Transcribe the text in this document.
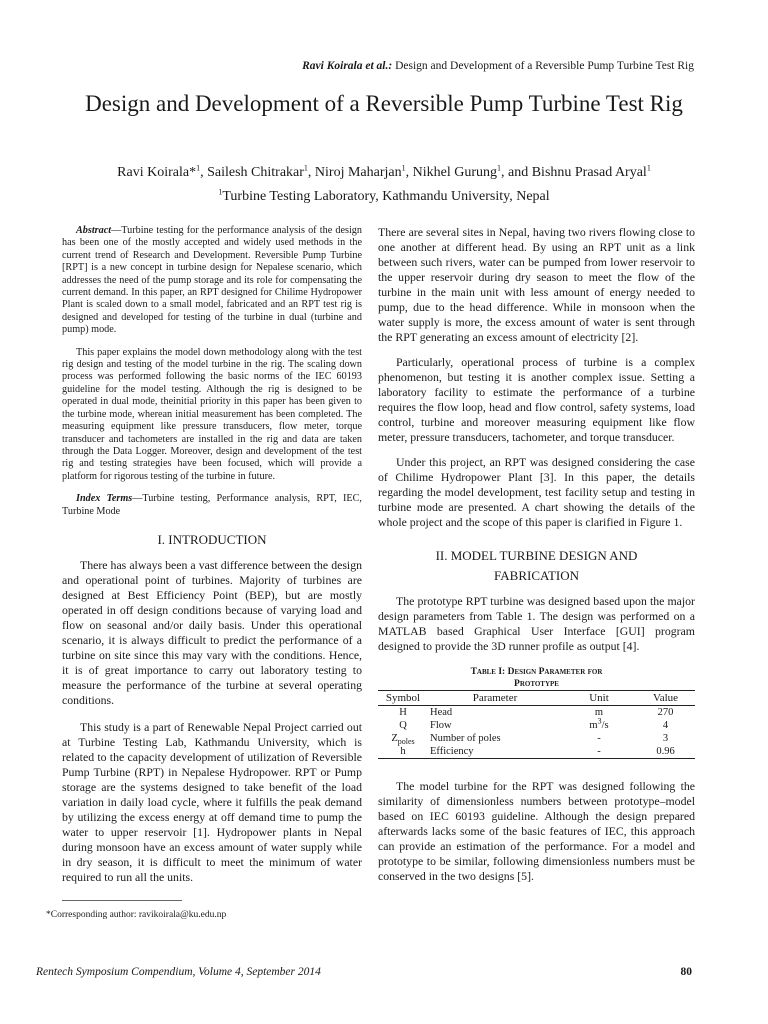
Ravi Koirala et al.: Design and Development of a Reversible Pump Turbine Test Rig
Design and Development of a Reversible Pump Turbine Test Rig
Ravi Koirala*$^1$, Sailesh Chitrakar$^1$, Niroj Maharjan$^1$, Nikhel Gurung$^1$, and Bishnu Prasad Aryal$^1$
$^1$Turbine Testing Laboratory, Kathmandu University, Nepal

Abstract—Turbine testing for the performance analysis of the design has been one of the mostly accepted and widely used methods in the current trend of Research and Development. Reversible Pump Turbine [RPT] is a new concept in turbine design for Nepalese scenario, which addresses the need of the pump storage and its role for compensating the current demand. In this paper, an RPT designed for Chilime Hydropower Plant is scaled down to a small model, fabricated and an RPT test rig is designed and developed for testing of the turbine in dual (turbine and pump) mode.

This paper explains the model down methodology along with the test rig design and testing of the model turbine in the rig. The scaling down process was performed following the basic norms of the IEC 60193 guideline for the model testing. Although the rig is designed to be operated in dual mode, theinitial priority in this paper has been given to the turbine mode, wherean initial measurement has been completed. The measuring equipment like pressure transducers, flow meter, torque transducer and tachometers are installed in the rig and data are taken through the Data Logger. Moreover, design and development of the test rig and testing strategies have been focused, which will provide a platform for rigorous testing of the turbine in future.

Index Terms—Turbine testing, Performance analysis, RPT, IEC, Turbine Mode

I. INTRODUCTION

There has always been a vast difference between the design and operational point of turbines. Majority of turbines are designed at Best Efficiency Point (BEP), but are mostly operated in off design conditions because of varying load and flow on seasonal and/or daily basis. Under this operational scenario, it is always difficult to predict the performance of a turbine on site since this may vary with the conditions. Hence, it is of great importance to carry out laboratory testing to measure the performance of the turbine at several operating conditions.

This study is a part of Renewable Nepal Project carried out at Turbine Testing Lab, Kathmandu University, which is related to the capacity development of utilization of Reversible Pump Turbine (RPT) in Nepalese Hydropower. RPT or Pump storage are the systems designed to take benefit of the load variation in daily load cycle, where it fulfills the peak demand by utilizing the excess energy at off demand time to pump the water to upper reservoir [1]. Hydropower plants in Nepal during monsoon have an excess amount of water supply while in dry season, it is difficult to meet the minimum of water required to run all the units.

There are several sites in Nepal, having two rivers flowing close to one another at different head. By using an RPT unit as a link between such rivers, water can be pumped from lower reservoir to the upper reservoir during dry season to meet the flow of the turbine in the main unit with less amount of energy needed to pump, due to the head difference. While in monsoon when the water supply is more, the excess amount of water is sent through the RPT generating an excess amount of electricity [2].

Particularly, operational process of turbine is a complex phenomenon, but testing it is another complex issue. Setting a laboratory facility to estimate the performance of a turbine requires the flow loop, head and flow control, safety systems, load control, turbine and moreover measuring equipment like flow meter, pressure transducers, tachometer, and torque transducer.

Under this project, an RPT was designed considering the case of Chilime Hydropower Plant [3]. In this paper, the details regarding the model development, test facility setup and testing in turbine mode are presented. A chart showing the details of the whole project and the scope of this paper is clarified in Figure 1.

II. MODEL TURBINE DESIGN AND
FABRICATION

The prototype RPT turbine was designed based upon the major design parameters from Table 1. The design was performed on a MATLAB based Graphical User Interface [GUI] program designed to provide the 3D runner profile as output [4].

Table I: Design Parameter for
Prototype
Symbol	Parameter	Unit	Value
H	Head	m	270
Q	Flow	$m^3/s$	4
$Z_{poles}$	Number of poles	-	3
h	Efficiency	-	0.96

The model turbine for the RPT was designed following the similarity of dimensionless numbers between prototype–model based on IEC 60193 guideline. Although the design prepared afterwards lacks some of the basic features of IEC, this approach can provide an estimation of the performance. For a model and prototype to be similar, following dimensionless numbers must be conserved in the two designs [5].

*Corresponding author: ravikoirala@ku.edu.np
Rentech Symposium Compendium, Volume 4, September 2014	80
